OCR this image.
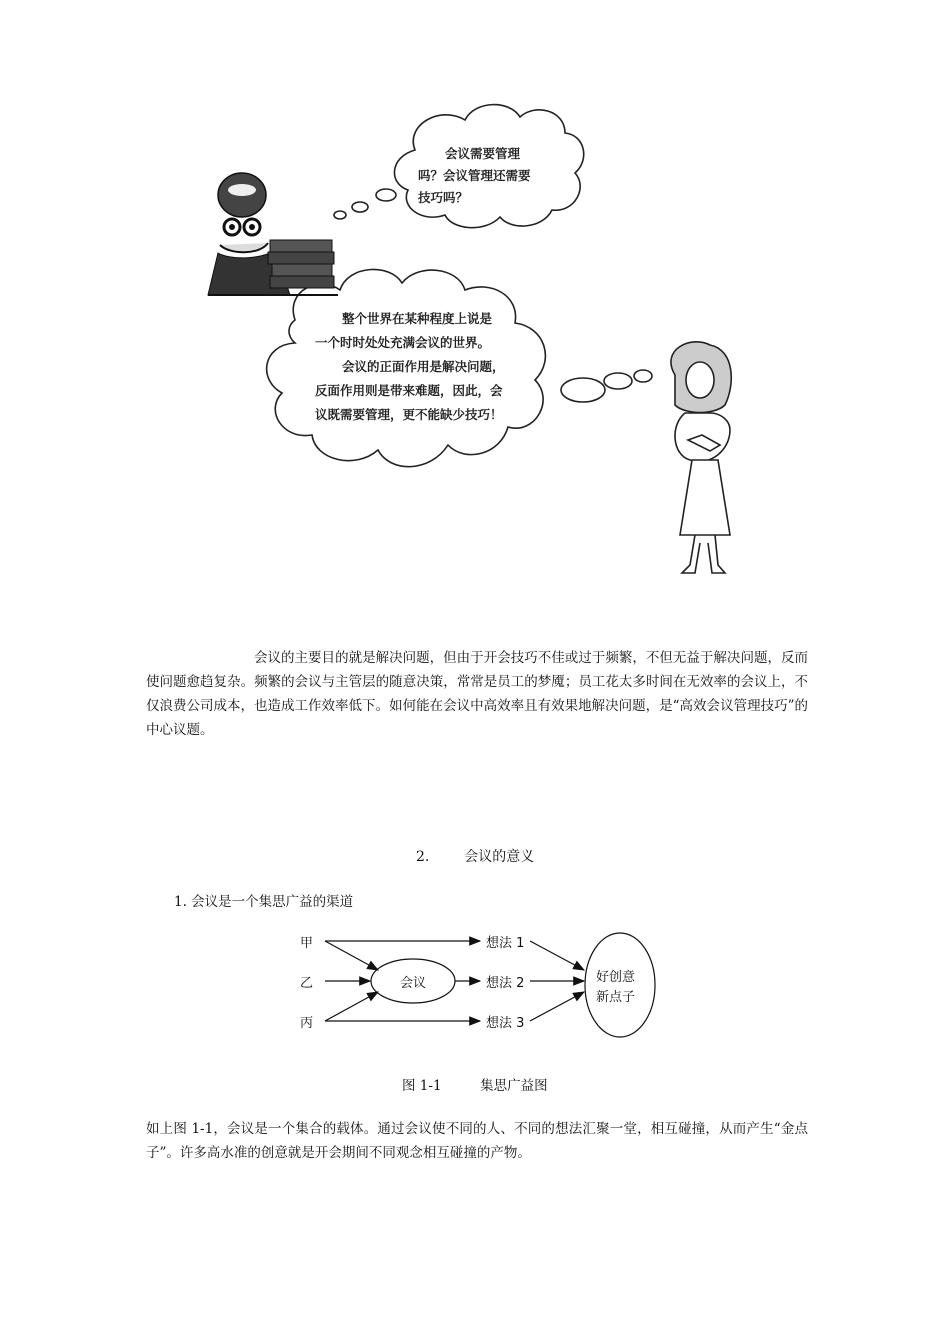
会议需要管理
吗？会议管理还需要
技巧吗？
整个世界在某种程度上说是
一个时时处处充满会议的世界。
会议的正面作用是解决问题，
反面作用则是带来难题，因此，会
议既需要管理，更不能缺少技巧！

会议的主要目的就是解决问题，但由于开会技巧不佳或过于频繁，不但无益于解决问题，反而使问题愈趋复杂。频繁的会议与主管层的随意决策，常常是员工的梦魇；员工花太多时间在无效率的会议上，不仅浪费公司成本，也造成工作效率低下。如何能在会议中高效率且有效果地解决问题，是“高效会议管理技巧”的中心议题。

2. 会议的意义
1. 会议是一个集思广益的渠道
甲
乙
丙
会议
想法 1
想法 2
想法 3
好创意
新点子
图 1-1	集思广益图

如上图 1-1，会议是一个集合的载体。通过会议使不同的人、不同的想法汇聚一堂，相互碰撞，从而产生“金点子”。许多高水准的创意就是开会期间不同观念相互碰撞的产物。
